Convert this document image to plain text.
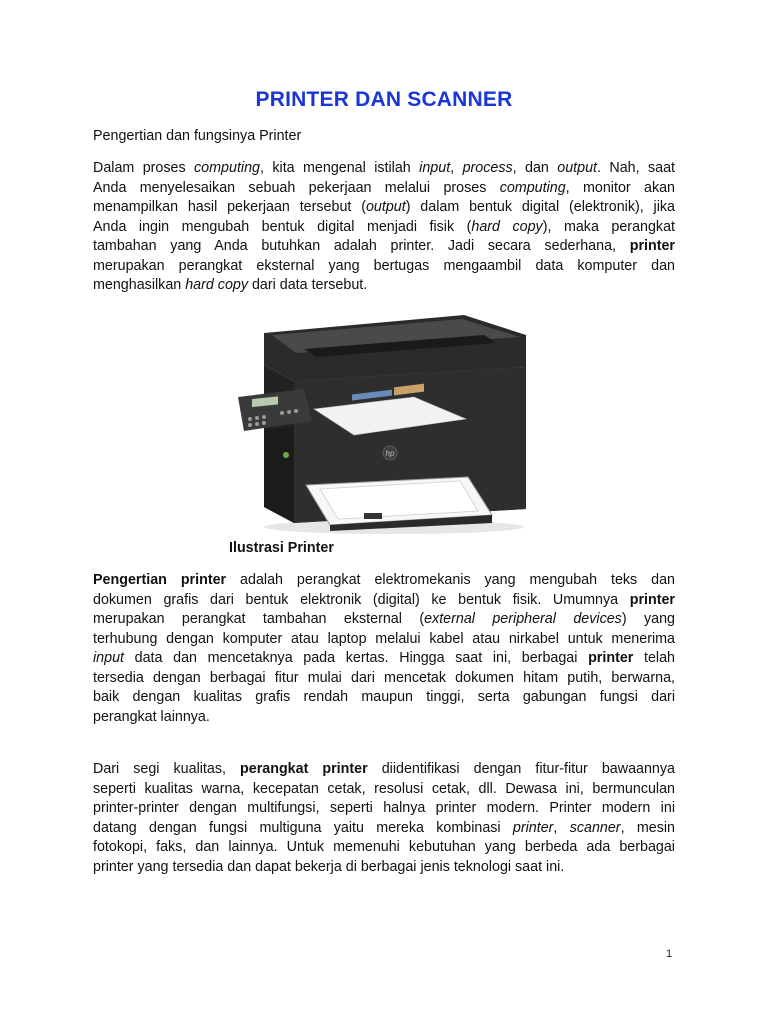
PRINTER DAN SCANNER
Pengertian dan fungsinya Printer

Dalam proses computing, kita mengenal istilah input, process, dan output. Nah, saat
Anda menyelesaikan sebuah pekerjaan melalui proses computing, monitor akan
menampilkan hasil pekerjaan tersebut (output) dalam bentuk digital (elektronik), jika
Anda ingin mengubah bentuk digital menjadi fisik (hard copy), maka perangkat
tambahan yang Anda butuhkan adalah printer. Jadi secara sederhana, printer
merupakan perangkat eksternal yang bertugas mengaambil data komputer dan
menghasilkan hard copy dari data tersebut.

hp
Ilustrasi Printer

Pengertian printer adalah perangkat elektromekanis yang mengubah teks dan
dokumen grafis dari bentuk elektronik (digital) ke bentuk fisik. Umumnya printer
merupakan perangkat tambahan eksternal (external peripheral devices) yang
terhubung dengan komputer atau laptop melalui kabel atau nirkabel untuk menerima
input data dan mencetaknya pada kertas. Hingga saat ini, berbagai printer telah
tersedia dengan berbagai fitur mulai dari mencetak dokumen hitam putih, berwarna,
baik dengan kualitas grafis rendah maupun tinggi, serta gabungan fungsi dari
perangkat lainnya.

Dari segi kualitas, perangkat printer diidentifikasi dengan fitur-fitur bawaannya
seperti kualitas warna, kecepatan cetak, resolusi cetak, dll. Dewasa ini, bermunculan
printer-printer dengan multifungsi, seperti halnya printer modern. Printer modern ini
datang dengan fungsi multiguna yaitu mereka kombinasi printer, scanner, mesin
fotokopi, faks, dan lainnya. Untuk memenuhi kebutuhan yang berbeda ada berbagai
printer yang tersedia dan dapat bekerja di berbagai jenis teknologi saat ini.

1
